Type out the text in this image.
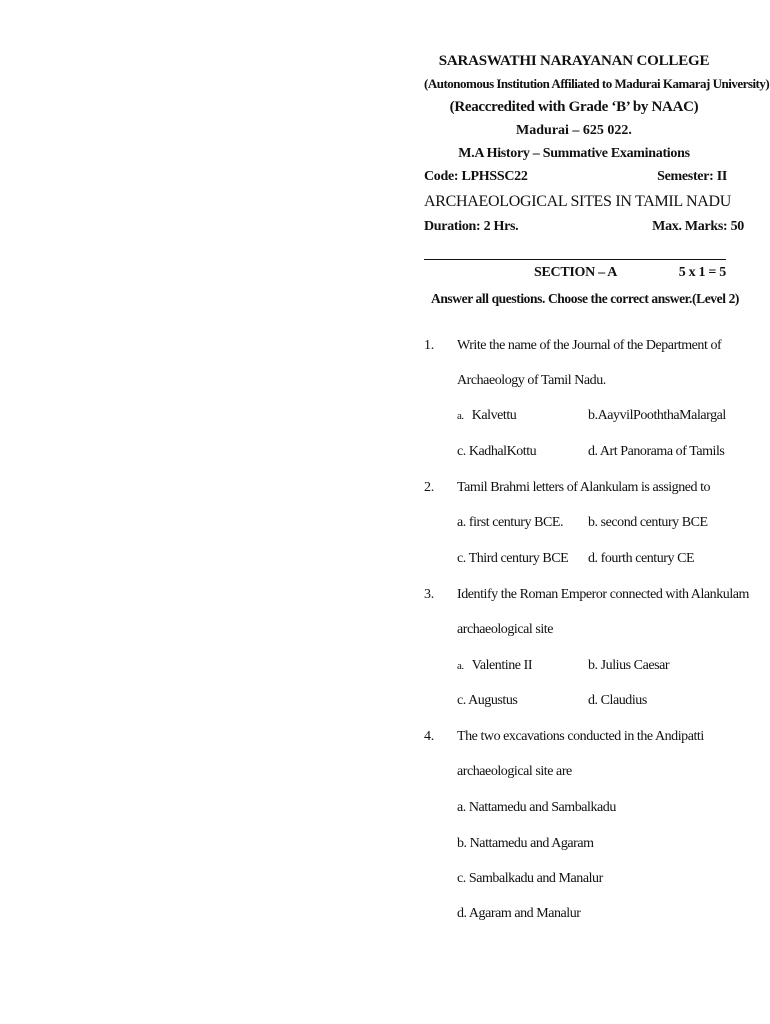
SARASWATHI NARAYANAN COLLEGE
(Autonomous Institution Affiliated to Madurai Kamaraj University)
(Reaccredited with Grade ‘B’ by NAAC)
Madurai – 625 022.
M.A History – Summative Examinations
Code: LPHSSC22	Semester: II
ARCHAEOLOGICAL SITES IN TAMIL NADU
Duration: 2 Hrs.	Max. Marks: 50
SECTION – A	5 x 1 = 5
Answer all questions. Choose the correct answer.(Level 2)
1. Write the name of the Journal of the Department of
Archaeology of Tamil Nadu.
a. Kalvettu	b.AayvilPooththaMalargal
c. KadhalKottu	d. Art Panorama of Tamils
2. Tamil Brahmi letters of Alankulam is assigned to
a. first century BCE. b. second century BCE
c. Third century BCE d. fourth century CE
3. Identify the Roman Emperor connected with Alankulam
archaeological site
a. Valentine II	b. Julius Caesar
c. Augustus	d. Claudius
4. The two excavations conducted in the Andipatti
archaeological site are
a. Nattamedu and Sambalkadu
b. Nattamedu and Agaram
c. Sambalkadu and Manalur
d. Agaram and Manalur
